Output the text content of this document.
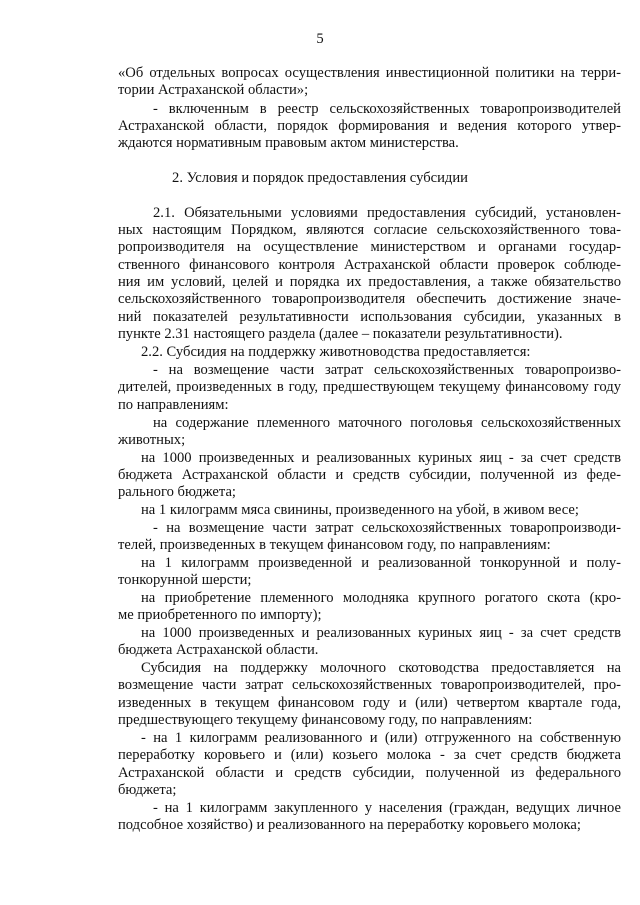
5
«Об отдельных вопросах осуществления инвестиционной политики на терри-
тории Астраханской области»;
- включенным в реестр сельскохозяйственных товаропроизводителей
Астраханской области, порядок формирования и ведения которого утвер-
ждаются нормативным правовым актом министерства.
2.1. Обязательными условиями предоставления субсидий, установлен-
ных настоящим Порядком, являются согласие сельскохозяйственного това-
ропроизводителя на осуществление министерством и органами государ-
ственного финансового контроля Астраханской области проверок соблюде-
ния им условий, целей и порядка их предоставления, а также обязательство
сельскохозяйственного товаропроизводителя обеспечить достижение значе-
ний показателей результативности использования субсидии, указанных в
пункте 2.31 настоящего раздела (далее – показатели результативности).
2.2. Субсидия на поддержку животноводства предоставляется:
- на возмещение части затрат сельскохозяйственных товаропроизво-
дителей, произведенных в году, предшествующем текущему финансовому году
по направлениям:
на содержание племенного маточного поголовья сельскохозяйственных
животных;
на 1000 произведенных и реализованных куриных яиц - за счет средств
бюджета Астраханской области и средств субсидии, полученной из феде-
рального бюджета;
на 1 килограмм мяса свинины, произведенного на убой, в живом весе;
- на возмещение части затрат сельскохозяйственных товаропроизводи-
телей, произведенных в текущем финансовом году, по направлениям:
на 1 килограмм произведенной и реализованной тонкорунной и полу-
тонкорунной шерсти;
на приобретение племенного молодняка крупного рогатого скота (кро-
ме приобретенного по импорту);
на 1000 произведенных и реализованных куриных яиц - за счет средств
бюджета Астраханской области.
Субсидия на поддержку молочного скотоводства предоставляется на
возмещение части затрат сельскохозяйственных товаропроизводителей, про-
изведенных в текущем финансовом году и (или) четвертом квартале года,
предшествующего текущему финансовому году, по направлениям:
- на 1 килограмм реализованного и (или) отгруженного на собственную
переработку коровьего и (или) козьего молока - за счет средств бюджета
Астраханской области и средств субсидии, полученной из федерального
бюджета;
- на 1 килограмм закупленного у населения (граждан, ведущих личное
подсобное хозяйство) и реализованного на переработку коровьего молока;
2. Условия и порядок предоставления субсидии
